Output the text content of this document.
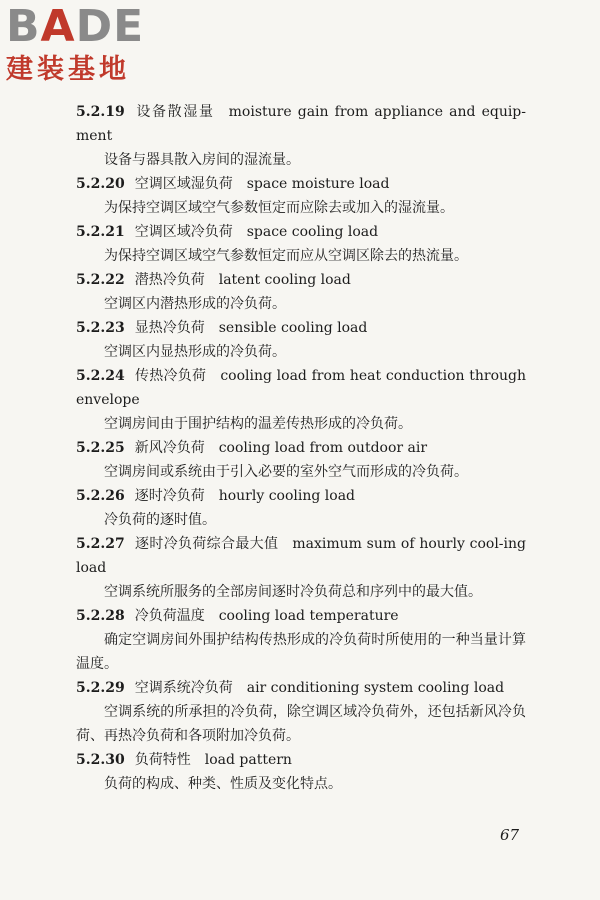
BADE
建装基地
5.2.19 设备散湿量 moisture gain from appliance and equip-ment
设备与器具散入房间的湿流量。
5.2.20 空调区域湿负荷 space moisture load
为保持空调区域空气参数恒定而应除去或加入的湿流量。
5.2.21 空调区域冷负荷 space cooling load
为保持空调区域空气参数恒定而应从空调区除去的热流量。
5.2.22 潜热冷负荷 latent cooling load
空调区内潜热形成的冷负荷。
5.2.23 显热冷负荷 sensible cooling load
空调区内显热形成的冷负荷。
5.2.24 传热冷负荷 cooling load from heat conduction through envelope
空调房间由于围护结构的温差传热形成的冷负荷。
5.2.25 新风冷负荷 cooling load from outdoor air
空调房间或系统由于引入必要的室外空气而形成的冷负荷。
5.2.26 逐时冷负荷 hourly cooling load
冷负荷的逐时值。
5.2.27 逐时冷负荷综合最大值 maximum sum of hourly cool-ing load
空调系统所服务的全部房间逐时冷负荷总和序列中的最大值。
5.2.28 冷负荷温度 cooling load temperature
确定空调房间外围护结构传热形成的冷负荷时所使用的一种当量计算温度。
5.2.29 空调系统冷负荷 air conditioning system cooling load
空调系统的所承担的冷负荷，除空调区域冷负荷外，还包括新风冷负荷、再热冷负荷和各项附加冷负荷。
5.2.30 负荷特性 load pattern
负荷的构成、种类、性质及变化特点。
67
